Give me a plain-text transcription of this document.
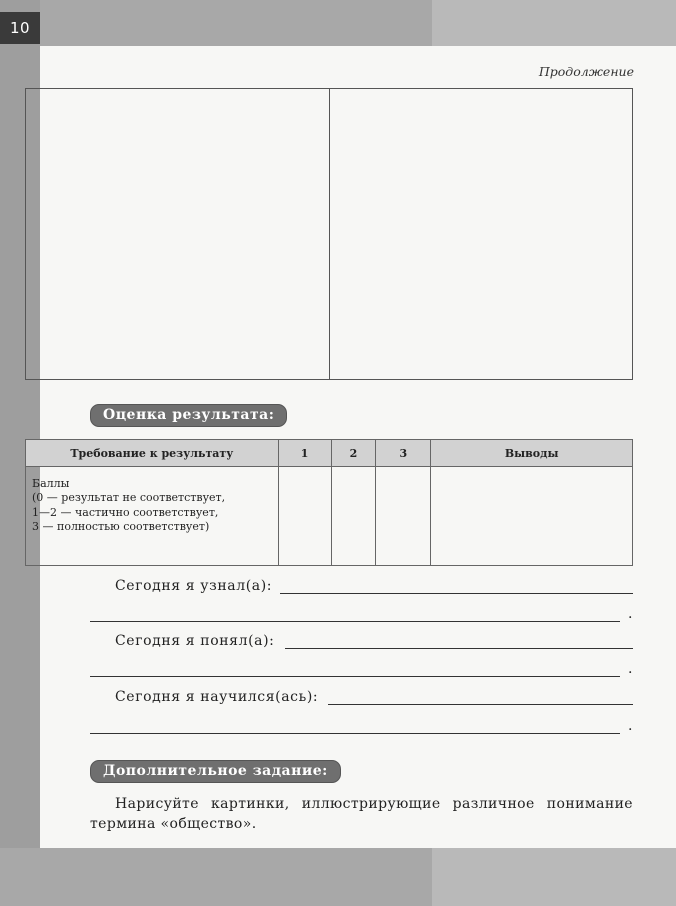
10
Продолжение
Оценка результата:
Требование к результату	1	2	3	Выводы

Баллы
(0 — результат не соответствует,
1—2 — частично соответствует,
3 — полностью соответствует)				

Сегодня я узнал(а):
.
Сегодня я понял(а):
.
Сегодня я научился(ась):
.
Дополнительное задание:
Нарисуйте картинки, иллюстрирующие различное понимание термина «общество».
